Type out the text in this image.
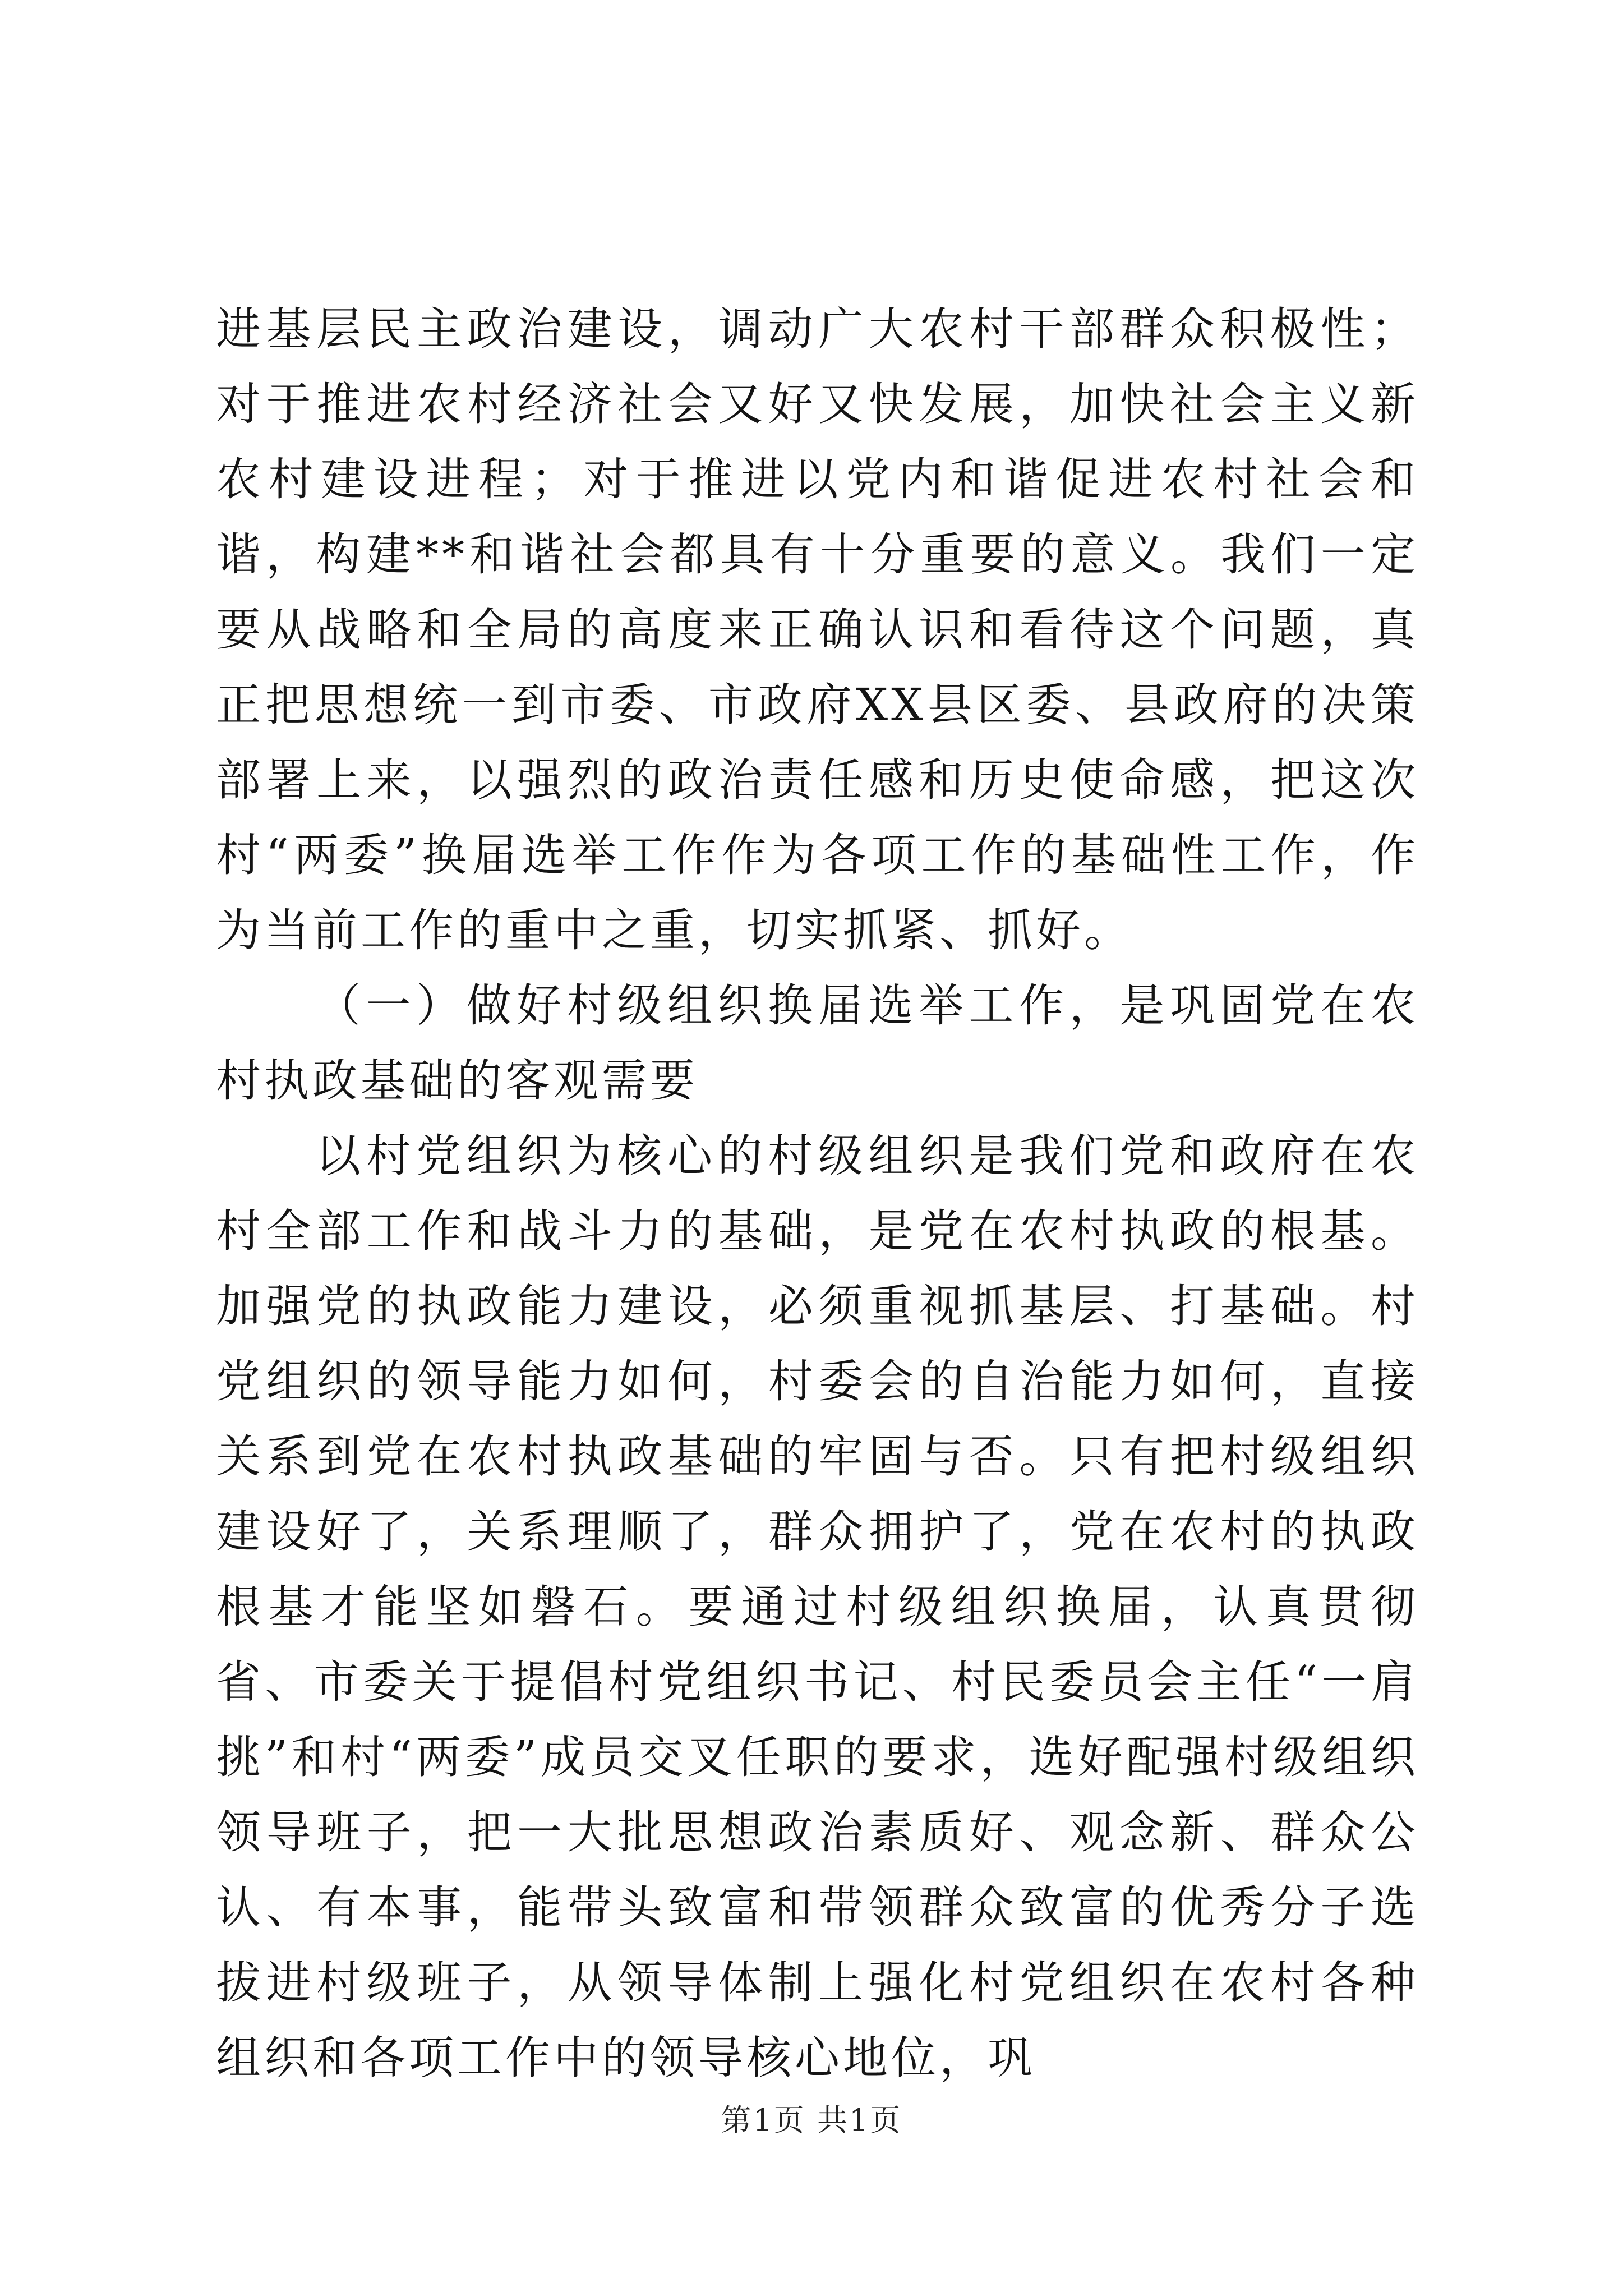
进基层民主政治建设，调动广大农村干部群众积极性；对于推进农村经济社会又好又快发展，加快社会主义新农村建设进程；对于推进以党内和谐促进农村社会和谐，构建**和谐社会都具有十分重要的意义。我们一定要从战略和全局的高度来正确认识和看待这个问题，真正把思想统一到市委、市政府XX县区委、县政府的决策部署上来，以强烈的政治责任感和历史使命感，把这次村“两委”换届选举工作作为各项工作的基础性工作，作为当前工作的重中之重，切实抓紧、抓好。

（一）做好村级组织换届选举工作，是巩固党在农村执政基础的客观需要

以村党组织为核心的村级组织是我们党和政府在农村全部工作和战斗力的基础，是党在农村执政的根基。加强党的执政能力建设，必须重视抓基层、打基础。村党组织的领导能力如何，村委会的自治能力如何，直接关系到党在农村执政基础的牢固与否。只有把村级组织建设好了，关系理顺了，群众拥护了，党在农村的执政根基才能坚如磐石。要通过村级组织换届，认真贯彻省、市委关于提倡村党组织书记、村民委员会主任“一肩挑”和村“两委”成员交叉任职的要求，选好配强村级组织领导班子，把一大批思想政治素质好、观念新、群众公认、有本事，能带头致富和带领群众致富的优秀分子选拔进村级班子，从领导体制上强化村党组织在农村各种组织和各项工作中的领导核心地位，巩

第1页 共1页
